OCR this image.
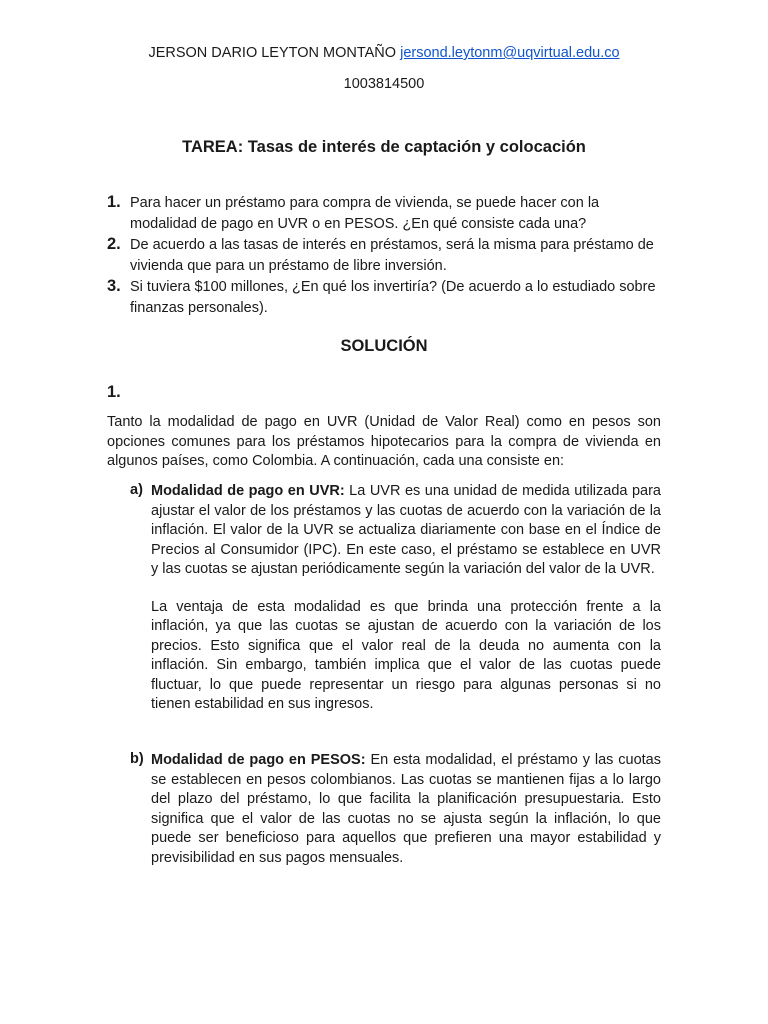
JERSON DARIO LEYTON MONTAÑO jersond.leytonm@uqvirtual.edu.co
1003814500
TAREA: Tasas de interés de captación y colocación
1. Para hacer un préstamo para compra de vivienda, se puede hacer con la modalidad de pago en UVR o en PESOS. ¿En qué consiste cada una?
2. De acuerdo a las tasas de interés en préstamos, será la misma para préstamo de vivienda que para un préstamo de libre inversión.
3. Si tuviera $100 millones, ¿En qué los invertiría? (De acuerdo a lo estudiado sobre finanzas personales).
SOLUCIÓN
1.
Tanto la modalidad de pago en UVR (Unidad de Valor Real) como en pesos son opciones comunes para los préstamos hipotecarios para la compra de vivienda en algunos países, como Colombia. A continuación, cada una consiste en:
a) Modalidad de pago en UVR: La UVR es una unidad de medida utilizada para ajustar el valor de los préstamos y las cuotas de acuerdo con la variación de la inflación. El valor de la UVR se actualiza diariamente con base en el Índice de Precios al Consumidor (IPC). En este caso, el préstamo se establece en UVR y las cuotas se ajustan periódicamente según la variación del valor de la UVR.
La ventaja de esta modalidad es que brinda una protección frente a la inflación, ya que las cuotas se ajustan de acuerdo con la variación de los precios. Esto significa que el valor real de la deuda no aumenta con la inflación. Sin embargo, también implica que el valor de las cuotas puede fluctuar, lo que puede representar un riesgo para algunas personas si no tienen estabilidad en sus ingresos.
b) Modalidad de pago en PESOS: En esta modalidad, el préstamo y las cuotas se establecen en pesos colombianos. Las cuotas se mantienen fijas a lo largo del plazo del préstamo, lo que facilita la planificación presupuestaria. Esto significa que el valor de las cuotas no se ajusta según la inflación, lo que puede ser beneficioso para aquellos que prefieren una mayor estabilidad y previsibilidad en sus pagos mensuales.
